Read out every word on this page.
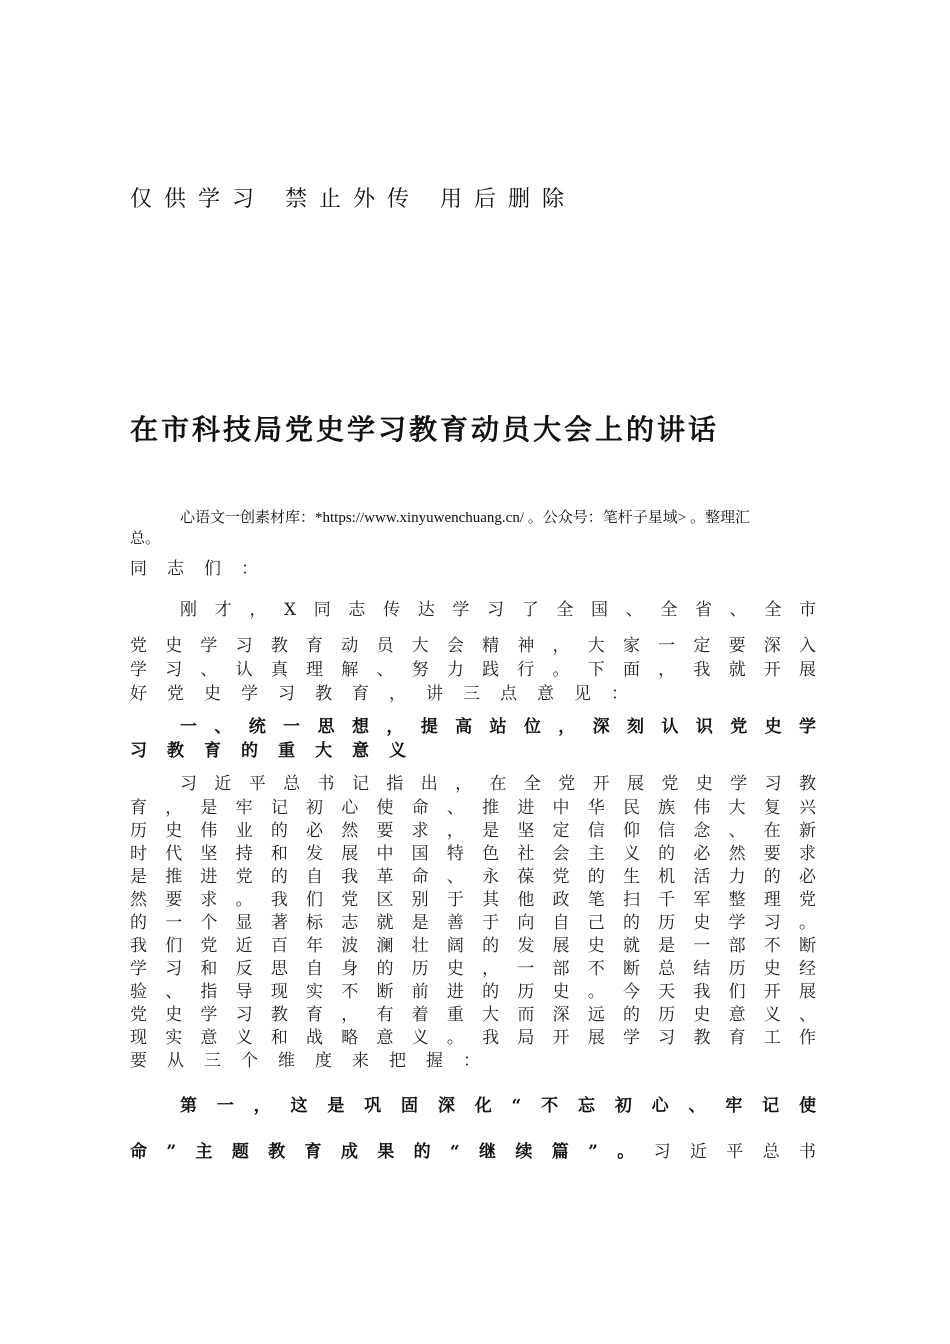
仅供学习 禁止外传 用后删除
在市科技局党史学习教育动员大会上的讲话
心语文一创素材库：*https://www.xinyuwenchuang.cn/ 。公众号：笔杆子星域> 。整理汇
总。
同志们：
刚才，X同志传达学习了全国、全省、全市
党史学习教育动员大会精神，大家一定要深入
学习、认真理解、努力践行。下面，我就开展
好党史学习教育，讲三点意见：
一、统一思想，提高站位，深刻认识党史学
习教育的重大意义
习近平总书记指出，在全党开展党史学习教
育，是牢记初心使命、推进中华民族伟大复兴
历史伟业的必然要求，是坚定信仰信念、在新
时代坚持和发展中国特色社会主义的必然要求
是推进党的自我革命、永葆党的生机活力的必
然要求。我们党区别于其他政笔扫千军整理党
的一个显著标志就是善于向自己的历史学习。
我们党近百年波澜壮阔的发展史就是一部不断
学习和反思自身的历史，一部不断总结历史经
验、指导现实不断前进的历史。今天我们开展
党史学习教育，有着重大而深远的历史意义、
现实意义和战略意义。我局开展学习教育工作
要从三个维度来把握：
第一，这是巩固深化“不忘初心、牢记使
命”主题教育成果的“继续篇”。习近平总书
